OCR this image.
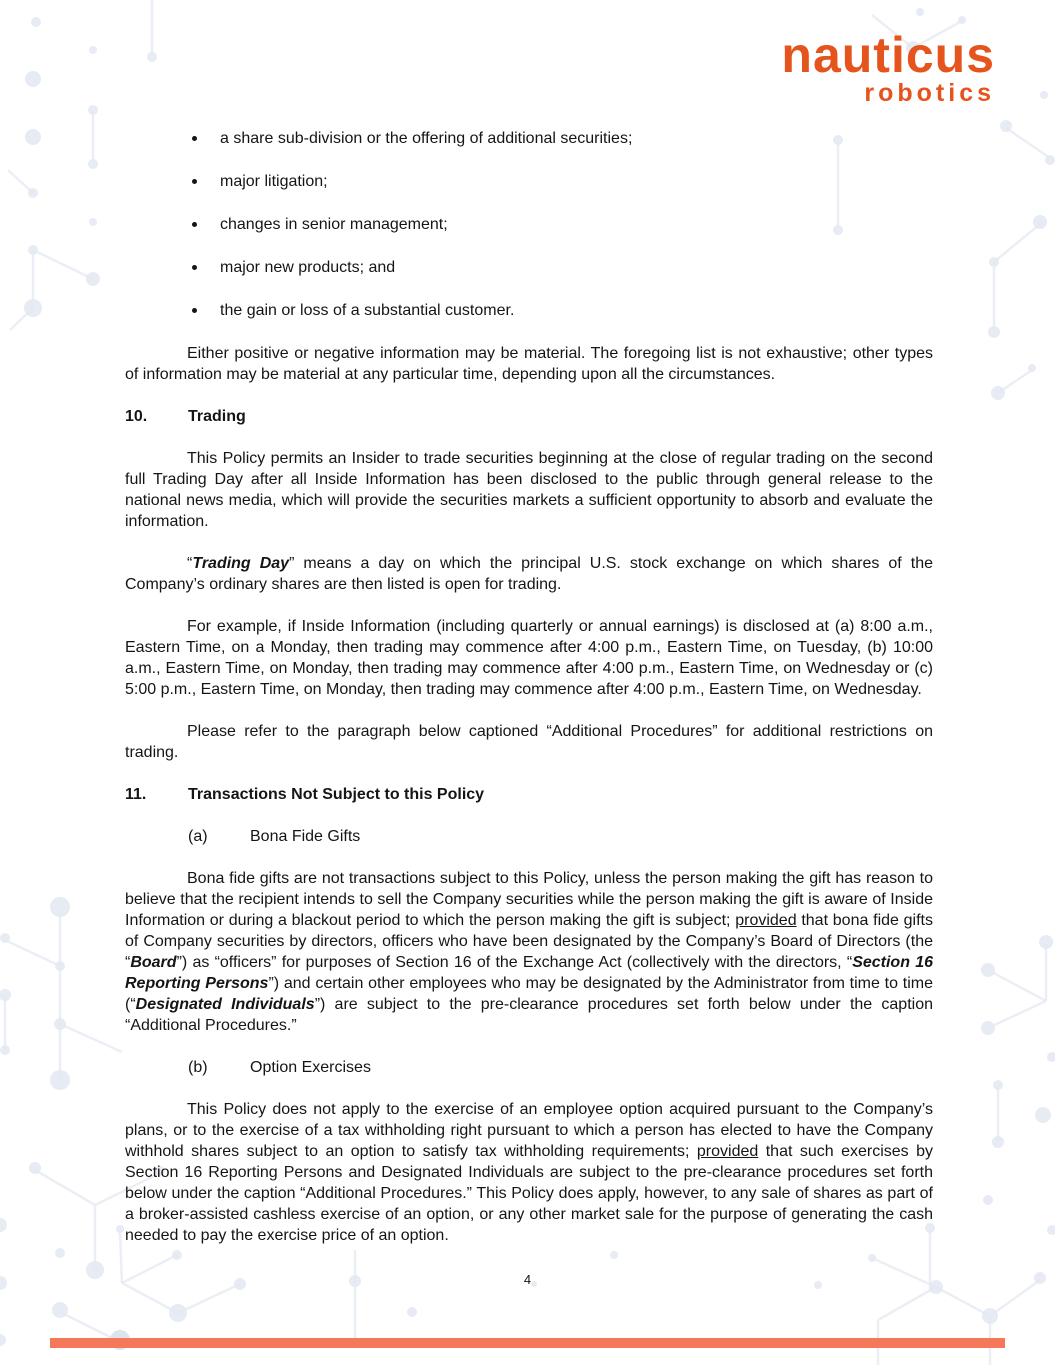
nauticus
robotics
a share sub-division or the offering of additional securities;
major litigation;
changes in senior management;
major new products; and
the gain or loss of a substantial customer.

Either positive or negative information may be material. The foregoing list is not exhaustive; other types of information may be material at any particular time, depending upon all the circumstances.

10.	Trading

This Policy permits an Insider to trade securities beginning at the close of regular trading on the second full Trading Day after all Inside Information has been disclosed to the public through general release to the national news media, which will provide the securities markets a sufficient opportunity to absorb and evaluate the information.

“Trading Day” means a day on which the principal U.S. stock exchange on which shares of the Company’s ordinary shares are then listed is open for trading.

For example, if Inside Information (including quarterly or annual earnings) is disclosed at (a) 8:00 a.m., Eastern Time, on a Monday, then trading may commence after 4:00 p.m., Eastern Time, on Tuesday, (b) 10:00 a.m., Eastern Time, on Monday, then trading may commence after 4:00 p.m., Eastern Time, on Wednesday or (c) 5:00 p.m., Eastern Time, on Monday, then trading may commence after 4:00 p.m., Eastern Time, on Wednesday.

Please refer to the paragraph below captioned “Additional Procedures” for additional restrictions on trading.

11.	Transactions Not Subject to this Policy
(a)	Bona Fide Gifts

Bona fide gifts are not transactions subject to this Policy, unless the person making the gift has reason to believe that the recipient intends to sell the Company securities while the person making the gift is aware of Inside Information or during a blackout period to which the person making the gift is subject; provided that bona fide gifts of Company securities by directors, officers who have been designated by the Company’s Board of Directors (the “Board”) as “officers” for purposes of Section 16 of the Exchange Act (collectively with the directors, “Section 16 Reporting Persons”) and certain other employees who may be designated by the Administrator from time to time (“Designated Individuals”) are subject to the pre-clearance procedures set forth below under the caption “Additional Procedures.”

(b)	Option Exercises

This Policy does not apply to the exercise of an employee option acquired pursuant to the Company’s plans, or to the exercise of a tax withholding right pursuant to which a person has elected to have the Company withhold shares subject to an option to satisfy tax withholding requirements; provided that such exercises by Section 16 Reporting Persons and Designated Individuals are subject to the pre-clearance procedures set forth below under the caption “Additional Procedures.” This Policy does apply, however, to any sale of shares as part of a broker-assisted cashless exercise of an option, or any other market sale for the purpose of generating the cash needed to pay the exercise price of an option.

4
